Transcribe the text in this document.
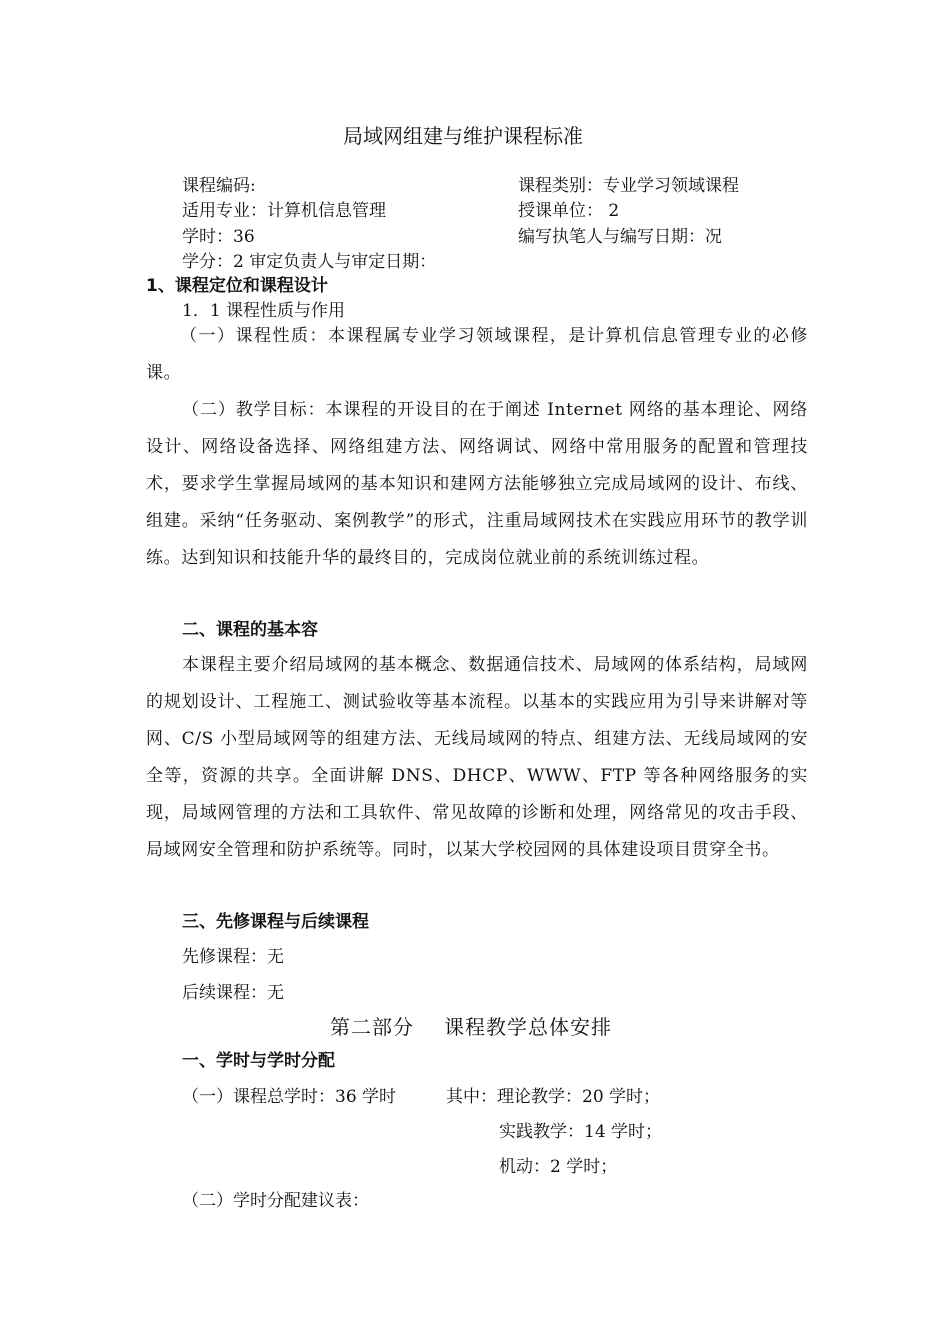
局域网组建与维护课程标准
课程编码:	课程类别：专业学习领域课程
适用专业：计算机信息管理	授课单位： 2
学时：36	编写执笔人与编写日期：况
学分：2 审定负责人与审定日期：
1、课程定位和课程设计
1．1 课程性质与作用
（一）课程性质：本课程属专业学习领域课程，是计算机信息管理专业的必修课。
（二）教学目标：本课程的开设目的在于阐述 Internet 网络的基本理论、网络设计、网络设备选择、网络组建方法、网络调试、网络中常用服务的配置和管理技术，要求学生掌握局域网的基本知识和建网方法能够独立完成局域网的设计、布线、组建。采纳“任务驱动、案例教学”的形式，注重局域网技术在实践应用环节的教学训练。达到知识和技能升华的最终目的，完成岗位就业前的系统训练过程。
二、课程的基本容
本课程主要介绍局域网的基本概念、数据通信技术、局域网的体系结构，局域网的规划设计、工程施工、测试验收等基本流程。以基本的实践应用为引导来讲解对等网、C/S 小型局域网等的组建方法、无线局域网的特点、组建方法、无线局域网的安全等，资源的共享。全面讲解 DNS、DHCP、WWW、FTP 等各种网络服务的实现，局域网管理的方法和工具软件、常见故障的诊断和处理，网络常见的攻击手段、局域网安全管理和防护系统等。同时，以某大学校园网的具体建设项目贯穿全书。
三、先修课程与后续课程
先修课程：无
后续课程：无
第二部分 课程教学总体安排
一、学时与学时分配
（一）课程总学时：36 学时	其中：理论教学：20 学时；
实践教学：14 学时；
机动：2 学时；
（二）学时分配建议表：
